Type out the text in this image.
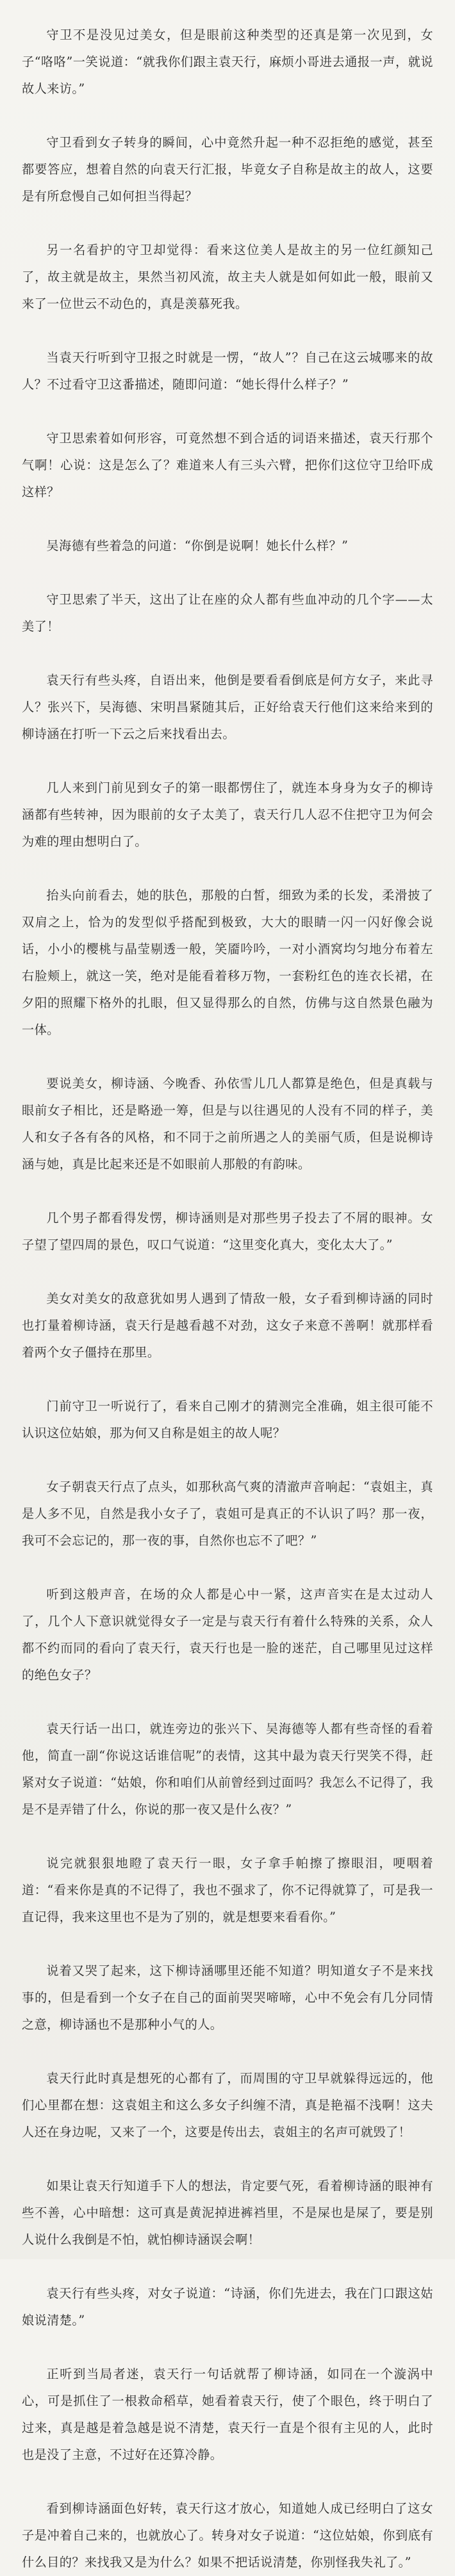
守卫不是没见过美女，但是眼前这种类型的还真是第一次见到，女子“咯咯”一笑说道：“就我你们跟主袁天行，麻烦小哥进去通报一声，就说故人来访。”

守卫看到女子转身的瞬间，心中竟然升起一种不忍拒绝的感觉，甚至都要答应，想着自然的向袁天行汇报，毕竟女子自称是故主的故人，这要是有所怠慢自己如何担当得起？

另一名看护的守卫却觉得：看来这位美人是故主的另一位红颜知己了，故主就是故主，果然当初风流，故主夫人就是如何如此一般，眼前又来了一位世云不动色的，真是羡慕死我。

当袁天行听到守卫报之时就是一愣，“故人”？自己在这云城哪来的故人？不过看守卫这番描述，随即问道：“她长得什么样子？”

守卫思索着如何形容，可竟然想不到合适的词语来描述，袁天行那个气啊！心说：这是怎么了？难道来人有三头六臂，把你们这位守卫给吓成这样？

吴海德有些着急的问道：“你倒是说啊！她长什么样？”

守卫思索了半天，这出了让在座的众人都有些血冲动的几个字——太美了！

袁天行有些头疼，自语出来，他倒是要看看倒底是何方女子，来此寻人？张兴下，吴海德、宋明昌紧随其后，正好给袁天行他们这来给来到的柳诗涵在打听一下云之后来找看出去。

几人来到门前见到女子的第一眼都愣住了，就连本身身为女子的柳诗涵都有些转神，因为眼前的女子太美了，袁天行几人忍不住把守卫为何会为难的理由想明白了。

抬头向前看去，她的肤色，那般的白皙，细致为柔的长发，柔滑披了双肩之上，恰为的发型似乎搭配到极致，大大的眼睛一闪一闪好像会说话，小小的樱桃与晶莹剔透一般，笑靥吟吟，一对小酒窝均匀地分布着左右脸颊上，就这一笑，绝对是能看着移万物，一套粉红色的连衣长裙，在夕阳的照耀下格外的扎眼，但又显得那么的自然，仿佛与这自然景色融为一体。

要说美女，柳诗涵、今晚香、孙依雪儿几人都算是绝色，但是真载与眼前女子相比，还是略逊一筹，但是与以往遇见的人没有不同的样子，美人和女子各有各的风格，和不同于之前所遇之人的美丽气质，但是说柳诗涵与她，真是比起来还是不如眼前人那般的有韵味。

几个男子都看得发愣，柳诗涵则是对那些男子投去了不屑的眼神。女子望了望四周的景色，叹口气说道：“这里变化真大，变化太大了。”

美女对美女的敌意犹如男人遇到了情敌一般，女子看到柳诗涵的同时也打量着柳诗涵，袁天行是越看越不对劲，这女子来意不善啊！就那样看着两个女子僵持在那里。

门前守卫一听说行了，看来自己刚才的猜测完全准确，姐主很可能不认识这位姑娘，那为何又自称是姐主的故人呢？

女子朝袁天行点了点头，如那秋高气爽的清澈声音响起：“袁姐主，真是人多不见，自然是我小女子了，袁姐可是真正的不认识了吗？那一夜，我可不会忘记的，那一夜的事，自然你也忘不了吧？”

听到这般声音，在场的众人都是心中一紧，这声音实在是太过动人了，几个人下意识就觉得女子一定是与袁天行有着什么特殊的关系，众人都不约而同的看向了袁天行，袁天行也是一脸的迷茫，自己哪里见过这样的绝色女子？

袁天行话一出口，就连旁边的张兴下、吴海德等人都有些奇怪的看着他，简直一副“你说这话谁信呢”的表情，这其中最为袁天行哭笑不得，赶紧对女子说道：“姑娘，你和咱们从前曾经到过面吗？我怎么不记得了，我是不是弄错了什么，你说的那一夜又是什么夜？”

说完就狠狠地瞪了袁天行一眼，女子拿手帕擦了擦眼泪，哽咽着道：“看来你是真的不记得了，我也不强求了，你不记得就算了，可是我一直记得，我来这里也不是为了别的，就是想要来看看你。”

说着又哭了起来，这下柳诗涵哪里还能不知道？明知道女子不是来找事的，但是看到一个女子在自己的面前哭哭啼啼，心中不免会有几分同情之意，柳诗涵也不是那种小气的人。

袁天行此时真是想死的心都有了，而周围的守卫早就躲得远远的，他们心里都在想：这袁姐主和这么多女子纠缠不清，真是艳福不浅啊！这夫人还在身边呢，又来了一个，这要是传出去，袁姐主的名声可就毁了！

如果让袁天行知道手下人的想法，肯定要气死，看着柳诗涵的眼神有些不善，心中暗想：这可真是黄泥掉进裤裆里，不是屎也是屎了，要是别人说什么我倒是不怕，就怕柳诗涵误会啊！

袁天行有些头疼，对女子说道：“诗涵，你们先进去，我在门口跟这姑娘说清楚。”

正听到当局者迷，袁天行一句话就帮了柳诗涵，如同在一个漩涡中心，可是抓住了一根救命稻草，她看着袁天行，使了个眼色，终于明白了过来，真是越是着急越是说不清楚，袁天行一直是个很有主见的人，此时也是没了主意，不过好在还算冷静。

看到柳诗涵面色好转，袁天行这才放心，知道她人成已经明白了这女子是冲着自己来的，也就放心了。转身对女子说道：“这位姑娘，你到底有什么目的？来找我又是为什么？如果不把话说清楚，你别怪我失礼了。”
